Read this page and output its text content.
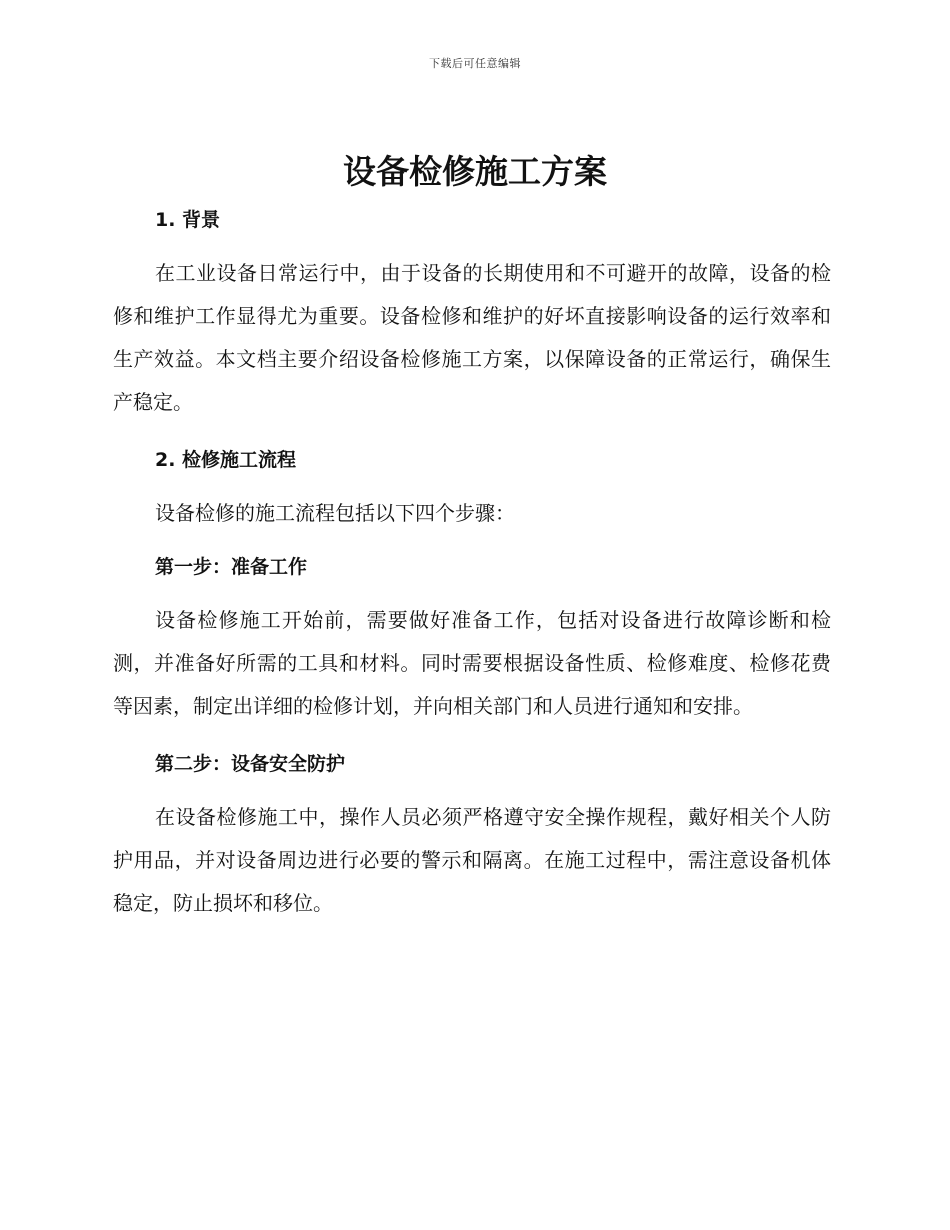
下载后可任意编辑
设备检修施工方案
1. 背景

在工业设备日常运行中，由于设备的长期使用和不可避开的故障，设备的检修和维护工作显得尤为重要。设备检修和维护的好坏直接影响设备的运行效率和生产效益。本文档主要介绍设备检修施工方案，以保障设备的正常运行，确保生产稳定。

2. 检修施工流程

设备检修的施工流程包括以下四个步骤：

第一步：准备工作

设备检修施工开始前，需要做好准备工作，包括对设备进行故障诊断和检测，并准备好所需的工具和材料。同时需要根据设备性质、检修难度、检修花费等因素，制定出详细的检修计划，并向相关部门和人员进行通知和安排。

第二步：设备安全防护

在设备检修施工中，操作人员必须严格遵守安全操作规程，戴好相关个人防护用品，并对设备周边进行必要的警示和隔离。在施工过程中，需注意设备机体稳定，防止损坏和移位。
